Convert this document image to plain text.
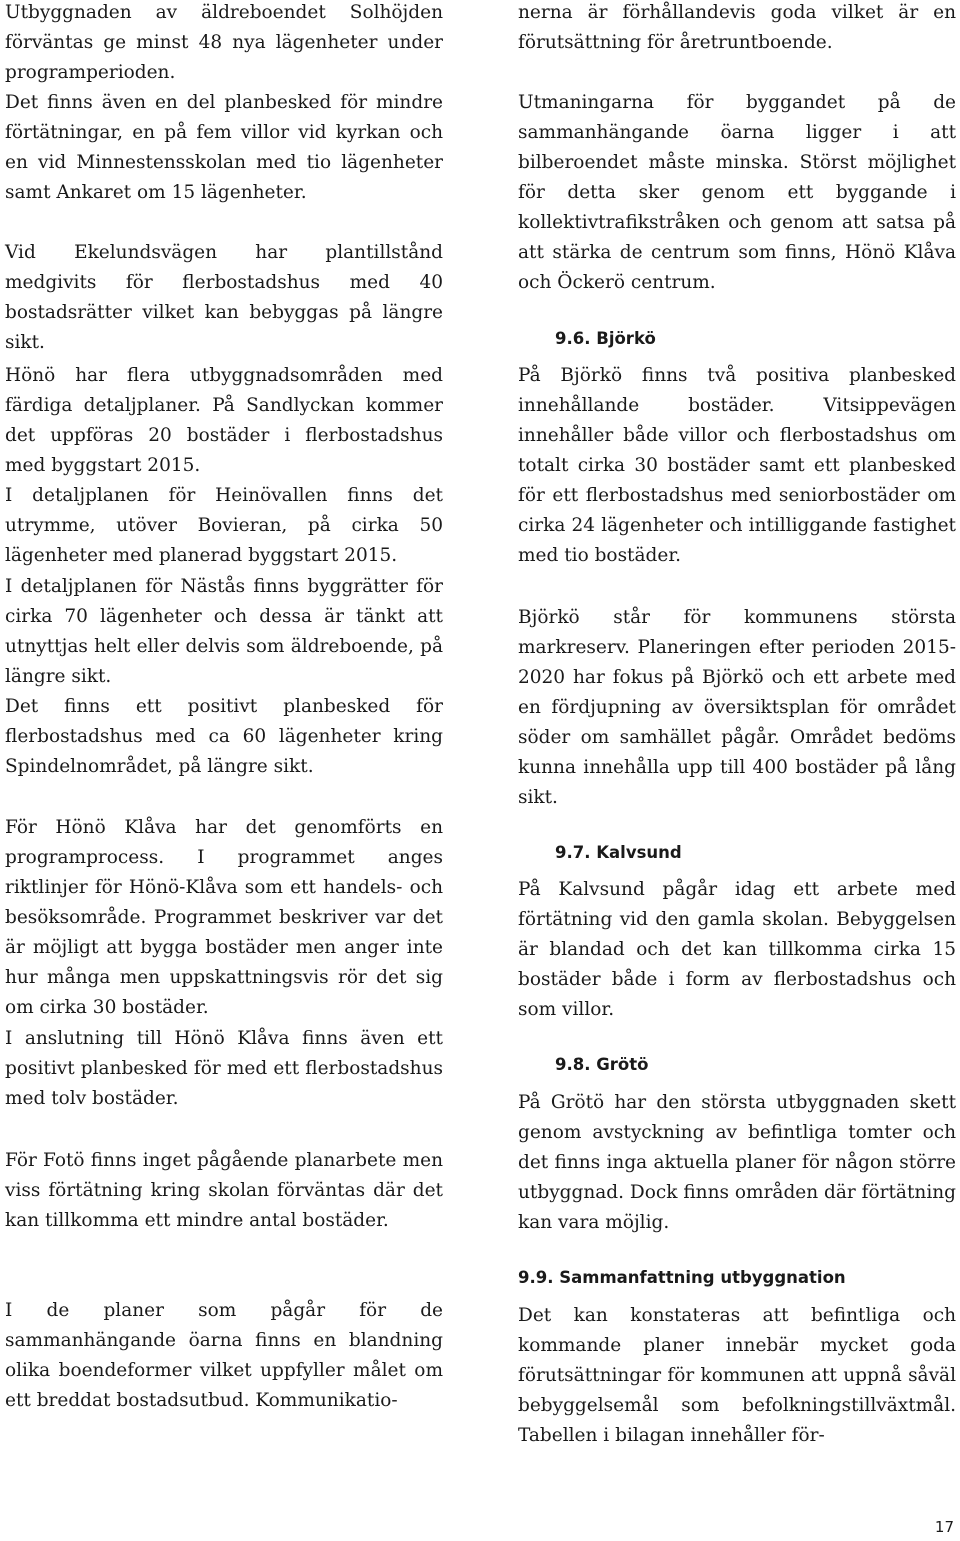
Utbyggnaden av äldreboendet Solhöjden förväntas ge minst 48 nya lägenheter under programperioden.

Det finns även en del planbesked för mindre förtätningar, en på fem villor vid kyrkan och en vid Minnestensskolan med tio lägenheter samt Ankaret om 15 lägenheter.

Vid Ekelundsvägen har plantillstånd medgivits för flerbostadshus med 40 bostadsrätter vilket kan bebyggas på längre sikt.

Hönö har flera utbyggnadsområden med färdiga detaljplaner. På Sandlyckan kommer det uppföras 20 bostäder i flerbostadshus med byggstart 2015.

I detaljplanen för Heinövallen finns det utrymme, utöver Bovieran, på cirka 50 lägenheter med planerad byggstart 2015.

I detaljplanen för Nästås finns byggrätter för cirka 70 lägenheter och dessa är tänkt att utnyttjas helt eller delvis som äldreboende, på längre sikt.

Det finns ett positivt planbesked för flerbostadshus med ca 60 lägenheter kring Spindelnområdet, på längre sikt.

För Hönö Klåva har det genomförts en programprocess. I programmet anges riktlinjer för Hönö-Klåva som ett handels- och besöksområde. Programmet beskriver var det är möjligt att bygga bostäder men anger inte hur många men uppskattningsvis rör det sig om cirka 30 bostäder.

I anslutning till Hönö Klåva finns även ett positivt planbesked för med ett flerbostadshus med tolv bostäder.

För Fotö finns inget pågående planarbete men viss förtätning kring skolan förväntas där det kan tillkomma ett mindre antal bostäder.

I de planer som pågår för de sammanhängande öarna finns en blandning olika boendeformer vilket uppfyller målet om ett breddat bostadsutbud. Kommunikatio-

nerna är förhållandevis goda vilket är en förutsättning för åretruntboende.

Utmaningarna för byggandet på de sammanhängande öarna ligger i att bilberoendet måste minska. Störst möjlighet för detta sker genom ett byggande i kollektivtrafikstråken och genom att satsa på att stärka de centrum som finns, Hönö Klåva och Öckerö centrum.

9.6. Björkö

På Björkö finns två positiva planbesked innehållande bostäder. Vitsippevägen innehåller både villor och flerbostadshus om totalt cirka 30 bostäder samt ett planbesked för ett flerbostadshus med seniorbostäder om cirka 24 lägenheter och intilliggande fastighet med tio bostäder.

Björkö står för kommunens största markreserv. Planeringen efter perioden 2015-2020 har fokus på Björkö och ett arbete med en fördjupning av översiktsplan för området söder om samhället pågår. Området bedöms kunna innehålla upp till 400 bostäder på lång sikt.

9.7. Kalvsund

På Kalvsund pågår idag ett arbete med förtätning vid den gamla skolan. Bebyggelsen är blandad och det kan tillkomma cirka 15 bostäder både i form av flerbostadshus och som villor.

9.8. Grötö

På Grötö har den största utbyggnaden skett genom avstyckning av befintliga tomter och det finns inga aktuella planer för någon större utbyggnad. Dock finns områden där förtätning kan vara möjlig.

9.9. Sammanfattning utbyggnation

Det kan konstateras att befintliga och kommande planer innebär mycket goda förutsättningar för kommunen att uppnå såväl bebyggelsemål som befolkningstillväxtmål. Tabellen i bilagan innehåller för-

17
